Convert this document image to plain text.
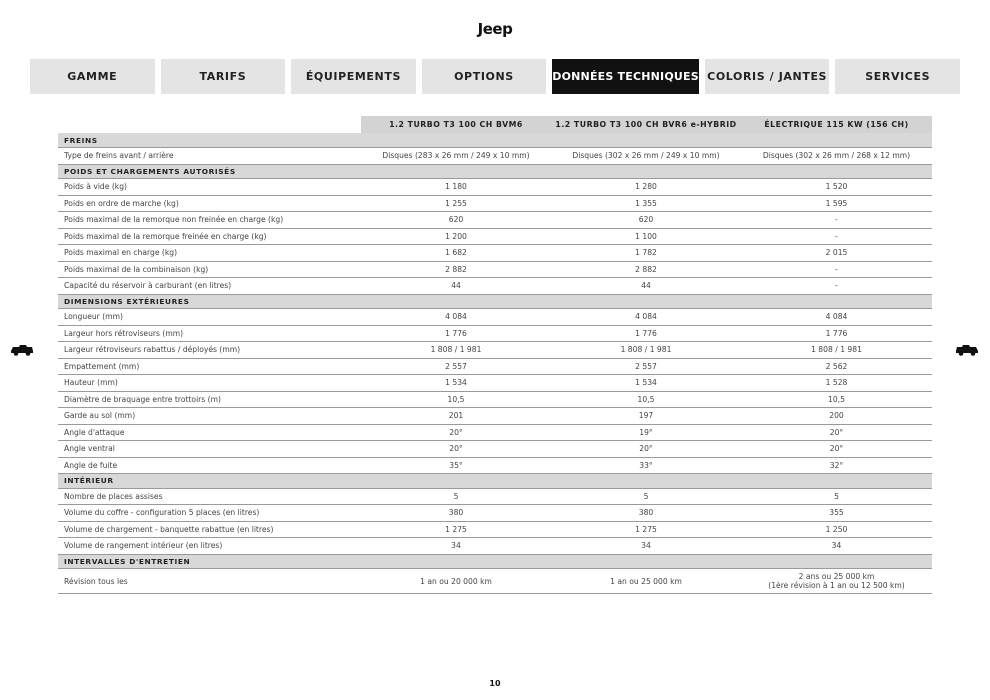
Jeep
GAMME	TARIFS	ÉQUIPEMENTS	OPTIONS	DONNÉES TECHNIQUES COLORIS / JANTES	SERVICES
	1.2 TURBO T3 100 CH BVM6	1.2 TURBO T3 100 CH BVR6 e-HYBRID	ÉLECTRIQUE 115 KW (156 CH)
FREINS			
Type de freins avant / arrière	Disques (283 x 26 mm / 249 x 10 mm)	Disques (302 x 26 mm / 249 x 10 mm)	Disques (302 x 26 mm / 268 x 12 mm)
POIDS ET CHARGEMENTS AUTORISÉS			
Poids à vide (kg)	1 180	1 280	1 520
Poids en ordre de marche (kg)	1 255	1 355	1 595
Poids maximal de la remorque non freinée en charge (kg)	620	620	-
Poids maximal de la remorque freinée en charge (kg)	1 200	1 100	-
Poids maximal en charge (kg)	1 682	1 782	2 015
Poids maximal de la combinaison (kg)	2 882	2 882	-
Capacité du réservoir à carburant (en litres)	44	44	-
DIMENSIONS EXTÉRIEURES			
Longueur (mm)	4 084	4 084	4 084
Largeur hors rétroviseurs (mm)	1 776	1 776	1 776
Largeur rétroviseurs rabattus / déployés (mm)	1 808 / 1 981	1 808 / 1 981	1 808 / 1 981
Empattement (mm)	2 557	2 557	2 562
Hauteur (mm)	1 534	1 534	1 528
Diamètre de braquage entre trottoirs (m)	10,5	10,5	10,5
Garde au sol (mm)	201	197	200
Angle d'attaque	20°	19°	20°
Angle ventral	20°	20°	20°
Angle de fuite	35°	33°	32°
INTÉRIEUR			
Nombre de places assises	5	5	5
Volume du coffre - configuration 5 places (en litres)	380	380	355
Volume de chargement - banquette rabattue (en litres)	1 275	1 275	1 250
Volume de rangement intérieur (en litres)	34	34	34
INTERVALLES D'ENTRETIEN			
Révision tous les	1 an ou 20 000 km	1 an ou 25 000 km	2 ans ou 25 000 km
(1ère révision à 1 an ou 12 500 km)
10
